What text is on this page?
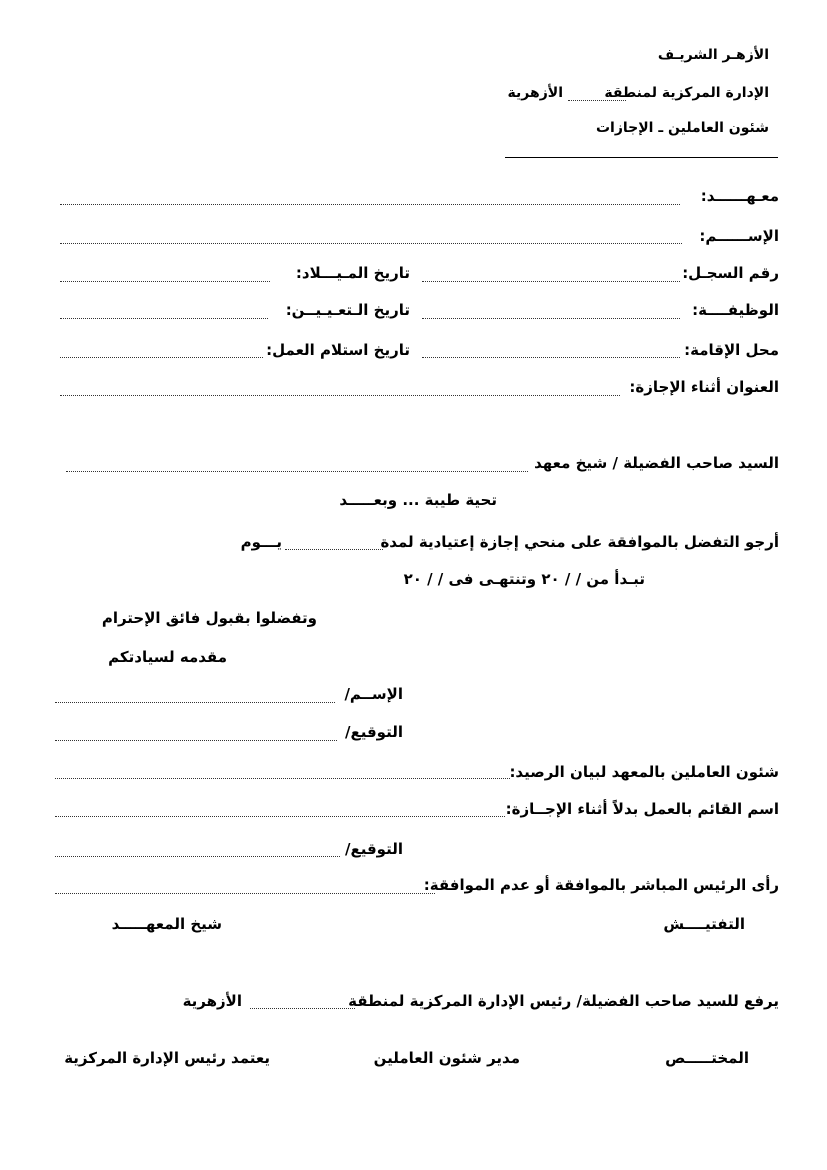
الأزهـر الشريـف
الإدارة المركزية لمنطقة
الأزهرية
شئون العاملين ـ الإجازات
معـهــــــد:
الإســــــم:
رقم السجـل:
تاريخ المـيـــلاد:
الوظيفــــة:
تاريخ الـتعـيـيــن:
محل الإقامة:
تاريخ استلام العمل:
العنوان أثناء الإجازة:
السيد صاحب الفضيلة / شيخ معهد
تحية طيبة ... وبعـــــد
أرجو التفضل بالموافقة على منحي إجازة إعتيادية لمدة
يـــوم
تبـدأ من / / ٢٠ وتنتهـى فى / / ٢٠
وتفضلوا بقبول فائق الإحترام
مقدمه لسيادتكم
الإســم/
التوقيع/
شئون العاملين بالمعهد لبيان الرصيد:
اسم القائم بالعمل بدلاً أثناء الإجــازة:
التوقيع/
رأى الرئيس المباشر بالموافقة أو عدم الموافقة:
التفتيــــش
شيخ المعهـــــد
يرفع للسيد صاحب الفضيلة/ رئيس الإدارة المركزية لمنطقة
الأزهرية
المختـــــص
مدير شئون العاملين
يعتمد رئيس الإدارة المركزية
